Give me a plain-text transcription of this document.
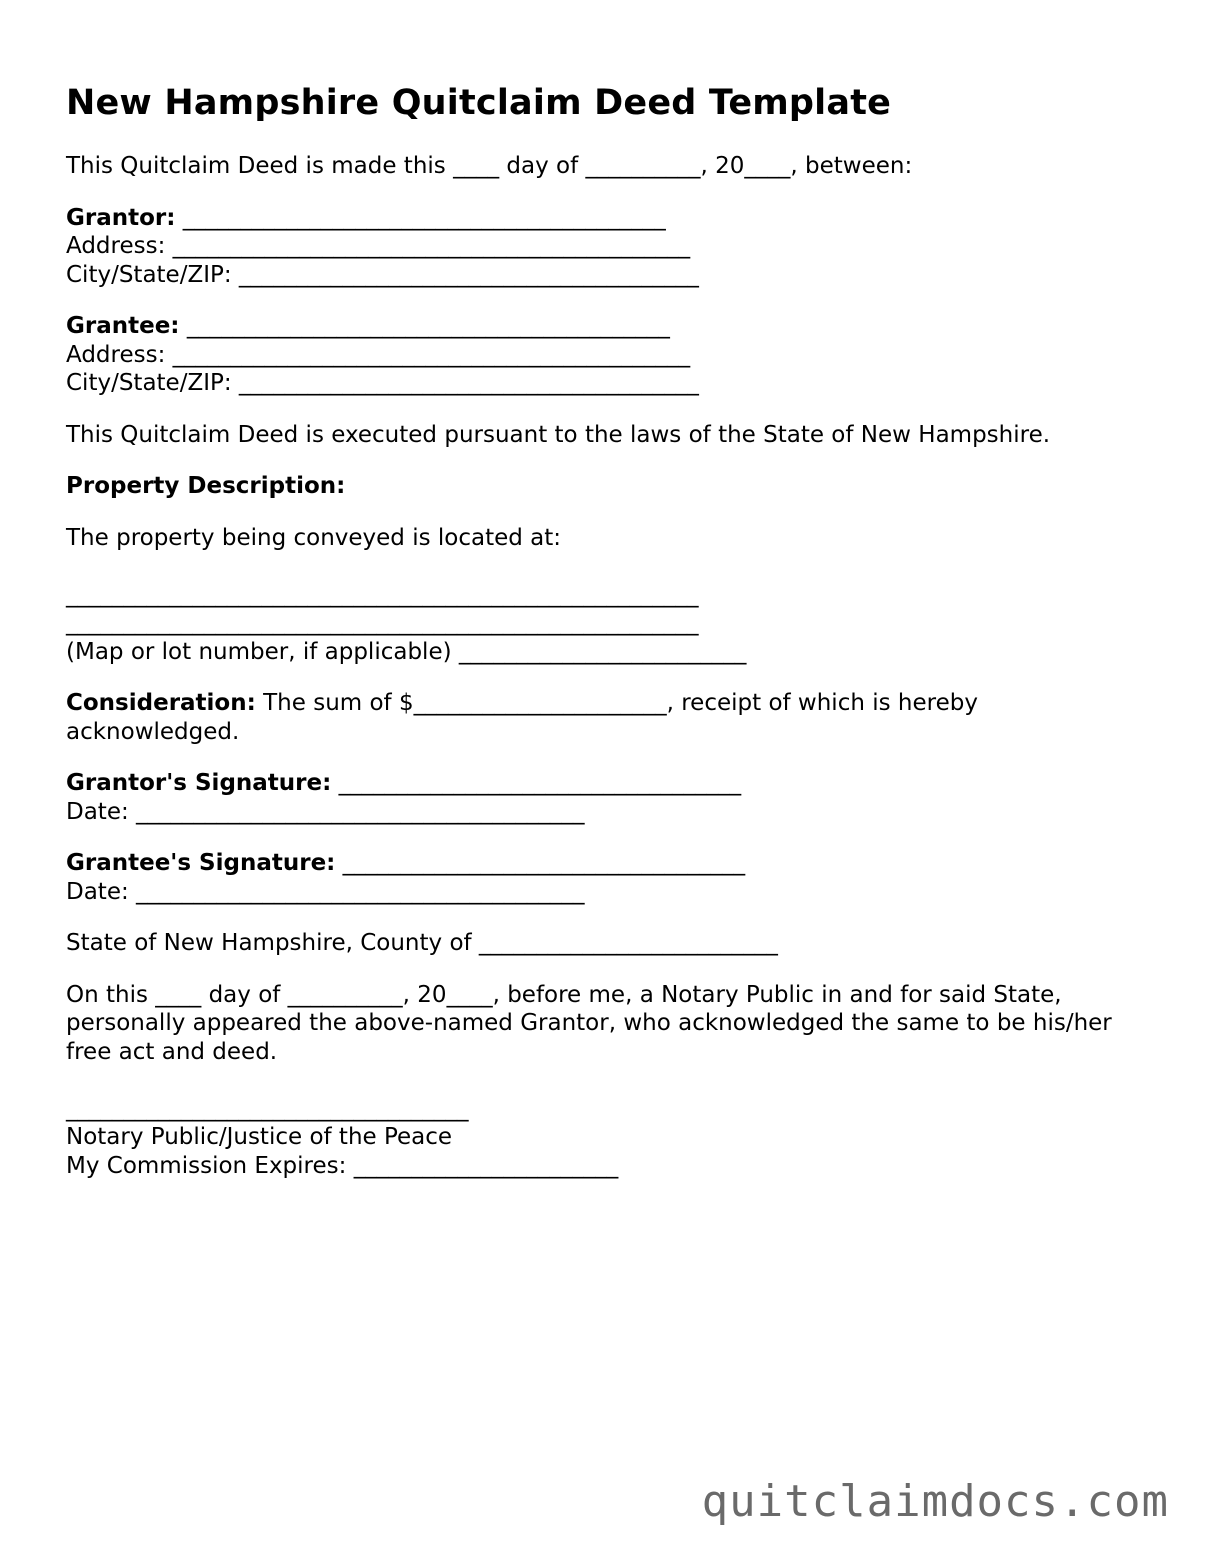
New Hampshire Quitclaim Deed Template

This Quitclaim Deed is made this ____ day of __________, 20____, between:

Grantor: __________________________________________
Address: _____________________________________________
City/State/ZIP: ________________________________________

Grantee: __________________________________________
Address: _____________________________________________
City/State/ZIP: ________________________________________

This Quitclaim Deed is executed pursuant to the laws of the State of New Hampshire.

Property Description:

The property being conveyed is located at:

_______________________________________________________
_______________________________________________________
(Map or lot number, if applicable) _________________________

Consideration: The sum of $______________________, receipt of which is hereby acknowledged.

Grantor's Signature: ___________________________________
Date: _______________________________________

Grantee's Signature: ___________________________________
Date: _______________________________________

State of New Hampshire, County of __________________________

On this ____ day of __________, 20____, before me, a Notary Public in and for said State, personally appeared the above-named Grantor, who acknowledged the same to be his/her free act and deed.

___________________________________
Notary Public/Justice of the Peace
My Commission Expires: _______________________

quitclaimdocs.com
